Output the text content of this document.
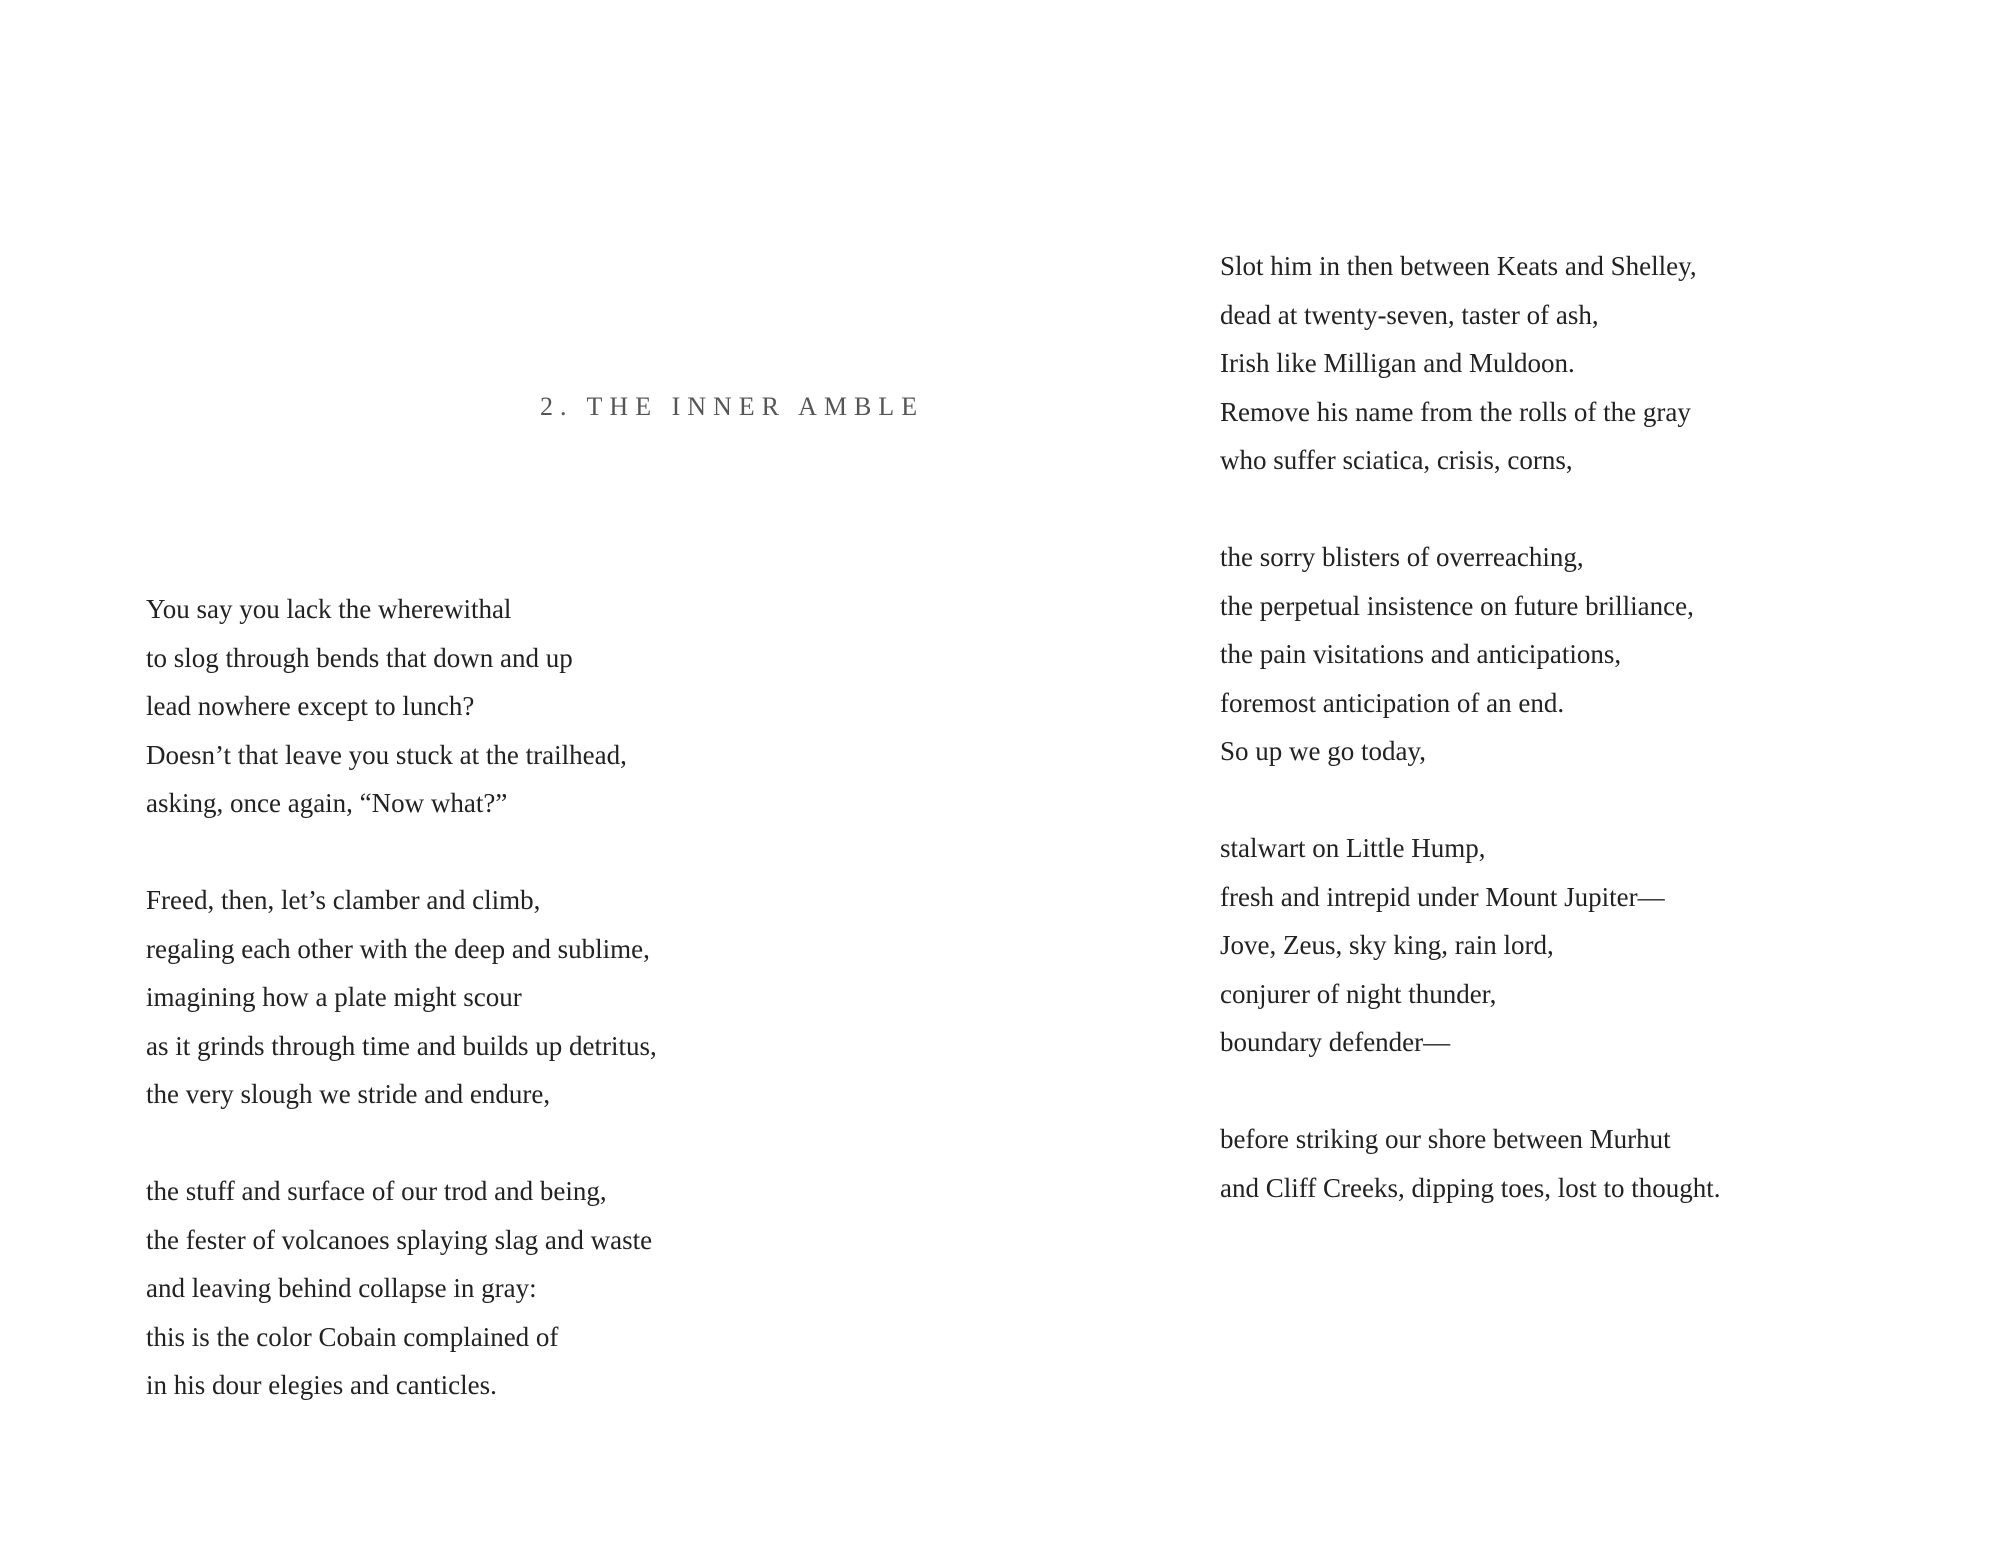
2. THE INNER AMBLE
You say you lack the wherewithal
to slog through bends that down and up
lead nowhere except to lunch?
Doesn’t that leave you stuck at the trailhead,
asking, once again, “Now what?”
Freed, then, let’s clamber and climb,
regaling each other with the deep and sublime,
imagining how a plate might scour
as it grinds through time and builds up detritus,
the very slough we stride and endure,
the stuff and surface of our trod and being,
the fester of volcanoes splaying slag and waste
and leaving behind collapse in gray:
this is the color Cobain complained of
in his dour elegies and canticles.
Slot him in then between Keats and Shelley,
dead at twenty-seven, taster of ash,
Irish like Milligan and Muldoon.
Remove his name from the rolls of the gray
who suffer sciatica, crisis, corns,
the sorry blisters of overreaching,
the perpetual insistence on future brilliance,
the pain visitations and anticipations,
foremost anticipation of an end.
So up we go today,
stalwart on Little Hump,
fresh and intrepid under Mount Jupiter—
Jove, Zeus, sky king, rain lord,
conjurer of night thunder,
boundary defender—
before striking our shore between Murhut
and Cliff Creeks, dipping toes, lost to thought.
